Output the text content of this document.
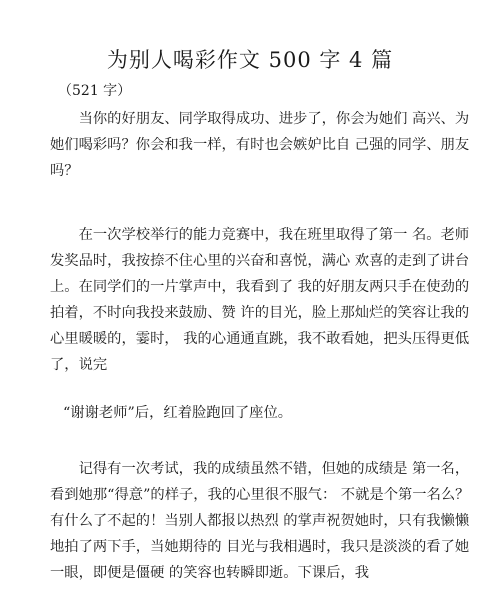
为别人喝彩作文 500 字 4 篇

（521 字）

当你的好朋友、同学取得成功、进步了，你会为她们 高兴、为她们喝彩吗？你会和我一样，有时也会嫉妒比自 己强的同学、朋友吗？

在一次学校举行的能力竞赛中，我在班里取得了第一 名。老师发奖品时，我按捺不住心里的兴奋和喜悦，满心 欢喜的走到了讲台上。在同学们的一片掌声中，我看到了 我的好朋友两只手在使劲的拍着，不时向我投来鼓励、赞 许的目光，脸上那灿烂的笑容让我的心里暖暖的，霎时， 我的心通通直跳，我不敢看她，把头压得更低了，说完

“谢谢老师”后，红着脸跑回了座位。

记得有一次考试，我的成绩虽然不错，但她的成绩是 第一名，看到她那“得意”的样子，我的心里很不服气： 不就是个第一名么？有什么了不起的！当别人都报以热烈 的掌声祝贺她时，只有我懒懒地拍了两下手，当她期待的 目光与我相遇时，我只是淡淡的看了她一眼，即便是僵硬 的笑容也转瞬即逝。下课后，我
